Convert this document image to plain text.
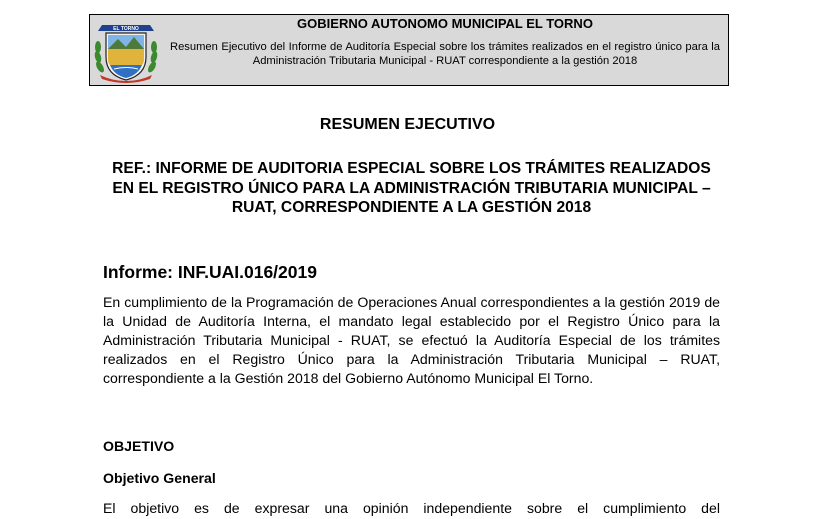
EL TORNO	GOBIERNO AUTONOMO MUNICIPAL EL TORNO
Resumen Ejecutivo del Informe de Auditoría Especial sobre los trámites realizados en el registro único para la Administración Tributaria Municipal - RUAT correspondiente a la gestión 2018
RESUMEN EJECUTIVO
REF.: INFORME DE AUDITORIA ESPECIAL SOBRE LOS TRÁMITES REALIZADOS EN EL REGISTRO ÚNICO PARA LA ADMINISTRACIÓN TRIBUTARIA MUNICIPAL – RUAT, CORRESPONDIENTE A LA GESTIÓN 2018
Informe: INF.UAI.016/2019
En cumplimiento de la Programación de Operaciones Anual correspondientes a la gestión 2019 de la Unidad de Auditoría Interna, el mandato legal establecido por el Registro Único para la Administración Tributaria Municipal - RUAT, se efectuó la Auditoría Especial de los trámites realizados en el Registro Único para la Administración Tributaria Municipal – RUAT, correspondiente a la Gestión 2018 del Gobierno Autónomo Municipal El Torno.
OBJETIVO
Objetivo General
El objetivo es de expresar una opinión independiente sobre el cumplimiento del
